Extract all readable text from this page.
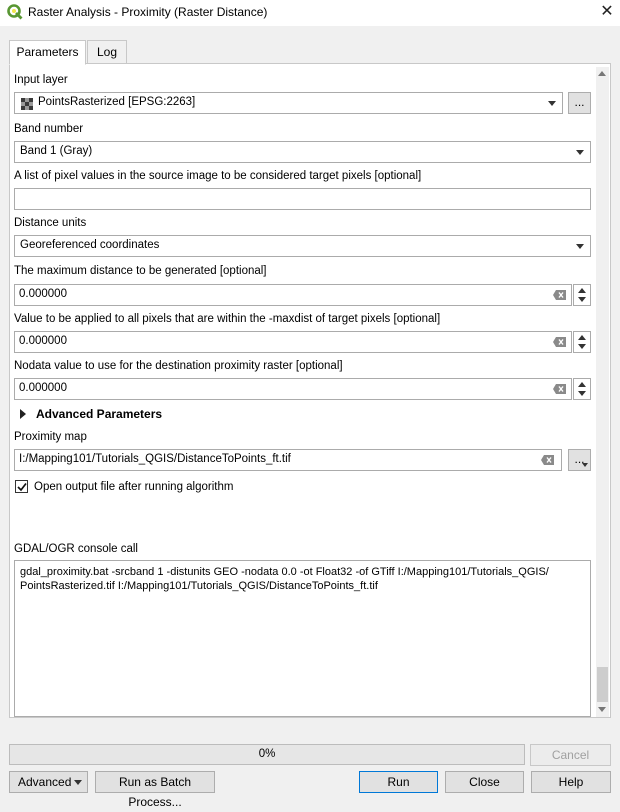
Raster Analysis - Proximity (Raster Distance)	✕
Parameters	Log
Input layer
PointsRasterized [EPSG:2263]	...
Band number
Band 1 (Gray)
A list of pixel values in the source image to be considered target pixels [optional]
Distance units
Georeferenced coordinates
The maximum distance to be generated [optional]
0.000000
Value to be applied to all pixels that are within the -maxdist of target pixels [optional]
0.000000
Nodata value to use for the destination proximity raster [optional]
0.000000
Advanced Parameters
Proximity map
I:/Mapping101/Tutorials_QGIS/DistanceToPoints_ft.tif	...
Open output file after running algorithm
GDAL/OGR console call
gdal_proximity.bat -srcband 1 -distunits GEO -nodata 0.0 -ot Float32 -of GTiff I:/Mapping101/Tutorials_QGIS/
PointsRasterized.tif I:/Mapping101/Tutorials_QGIS/DistanceToPoints_ft.tif
0%	Cancel
Advanced	Run as Batch Process...
Run	Close	Help
